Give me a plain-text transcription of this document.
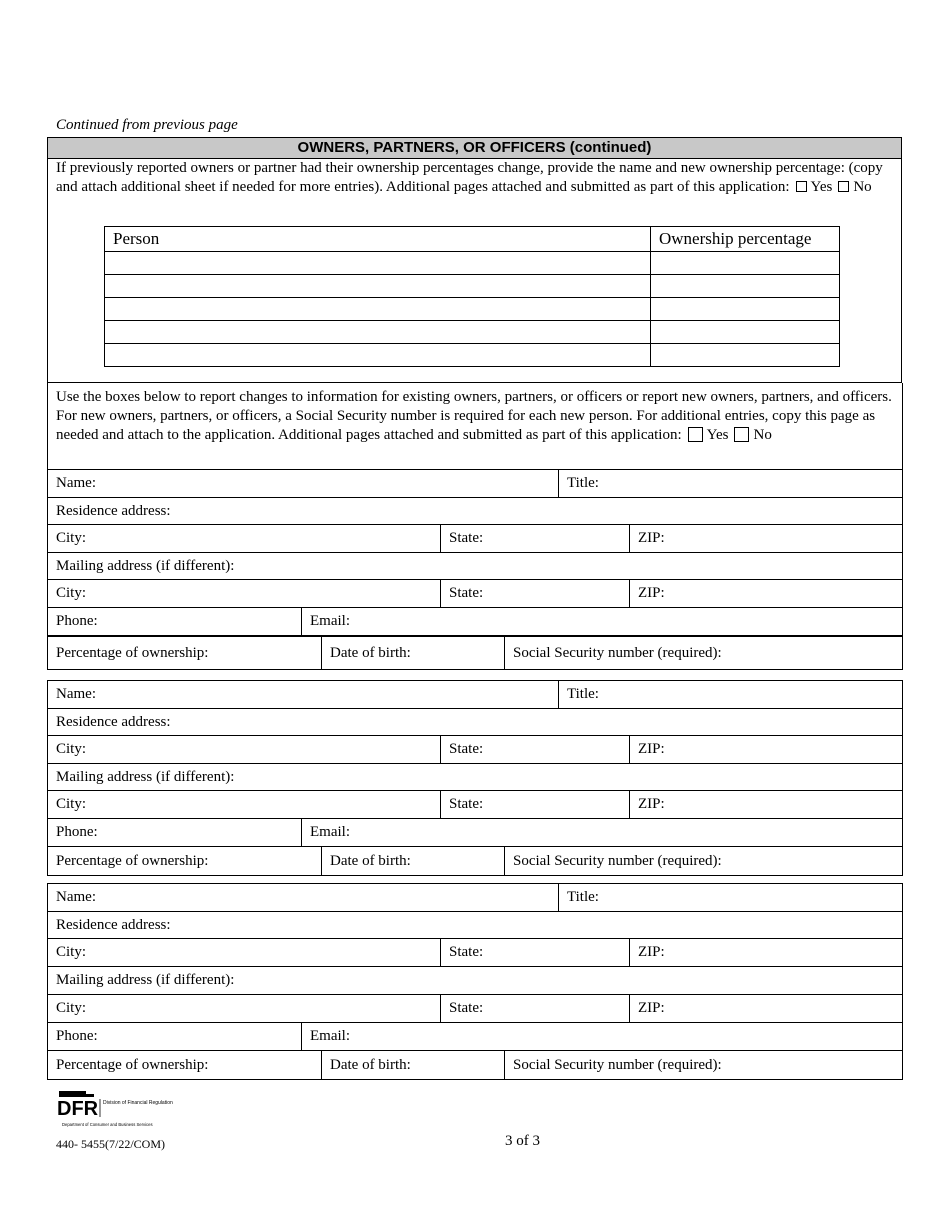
Continued from previous page
OWNERS, PARTNERS, OR OFFICERS (continued)
If previously reported owners or partner had their ownership percentages change, provide the name and new ownership percentage: (copy and attach additional sheet if needed for more entries). Additional pages attached and submitted as part of this application: Yes No
Person	Ownership percentage

Use the boxes below to report changes to information for existing owners, partners, or officers or report new owners, partners, and officers. For new owners, partners, or officers, a Social Security number is required for each new person. For additional entries, copy this page as needed and attach to the application. Additional pages attached and submitted as part of this application: Yes No
Name:	Title:
Residence address:
City:	State:	ZIP:
Mailing address (if different):
City:	State:	ZIP:
Phone:	Email:
Percentage of ownership:	Date of birth:	Social Security number (required):
Name:	Title:
Residence address:
City:	State:	ZIP:
Mailing address (if different):
City:	State:	ZIP:
Phone:	Email:
Percentage of ownership:	Date of birth:	Social Security number (required):
Name:	Title:
Residence address:
City:	State:	ZIP:
Mailing address (if different):
City:	State:	ZIP:
Phone:	Email:
Percentage of ownership:	Date of birth:	Social Security number (required):
DFR Division of Financial Regulation
Department of Consumer and Business Services
440- 5455(7/22/COM)	3 of 3
